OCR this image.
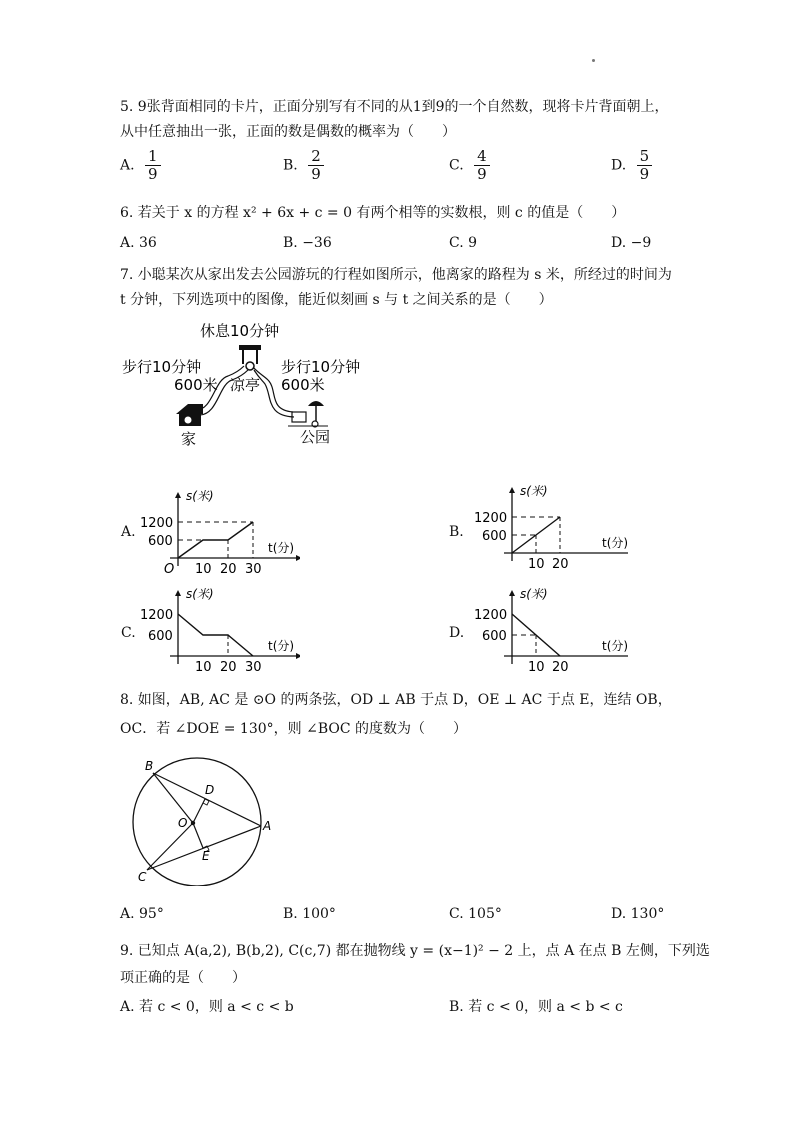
5. 9张背面相同的卡片，正面分别写有不同的从1到9的一个自然数，现将卡片背面朝上，
从中任意抽出一张，正面的数是偶数的概率为（　　）
A. $\frac{1}{9}$	B. $\frac{2}{9}$	C. $\frac{4}{9}$	D. $\frac{5}{9}$
6. 若关于 x 的方程 x² + 6x + c = 0 有两个相等的实数根，则 c 的值是（　　）
A. 36	B. −36	C. 9	D. −9
7. 小聪某次从家出发去公园游玩的行程如图所示，他离家的路程为 s 米，所经过的时间为
t 分钟，下列选项中的图像，能近似刻画 s 与 t 之间关系的是（　　）
休息10分钟
步行10分钟
600米 凉亭
步行10分钟
600米
家	公园
A.	B.
C.	D.
s(米)
t(分)
1200
600
10 20 30
O
s(米)
t(分)
1200
600
10 20
s(米)
t(分)
1200
600
10 20 30
s(米)
t(分)
1200
600
10 20
8. 如图，AB, AC 是 ⊙O 的两条弦，OD ⊥ AB 于点 D，OE ⊥ AC 于点 E，连结 OB，
OC．若 ∠DOE = 130°，则 ∠BOC 的度数为（　　）
B
D
O	A
E
C
A. 95°	B. 100°	C. 105°	D. 130°
9. 已知点 A(a,2), B(b,2), C(c,7) 都在抛物线 y = (x−1)² − 2 上，点 A 在点 B 左侧，下列选
项正确的是（　　）
A. 若 c < 0，则 a < c < b	B. 若 c < 0，则 a < b < c
